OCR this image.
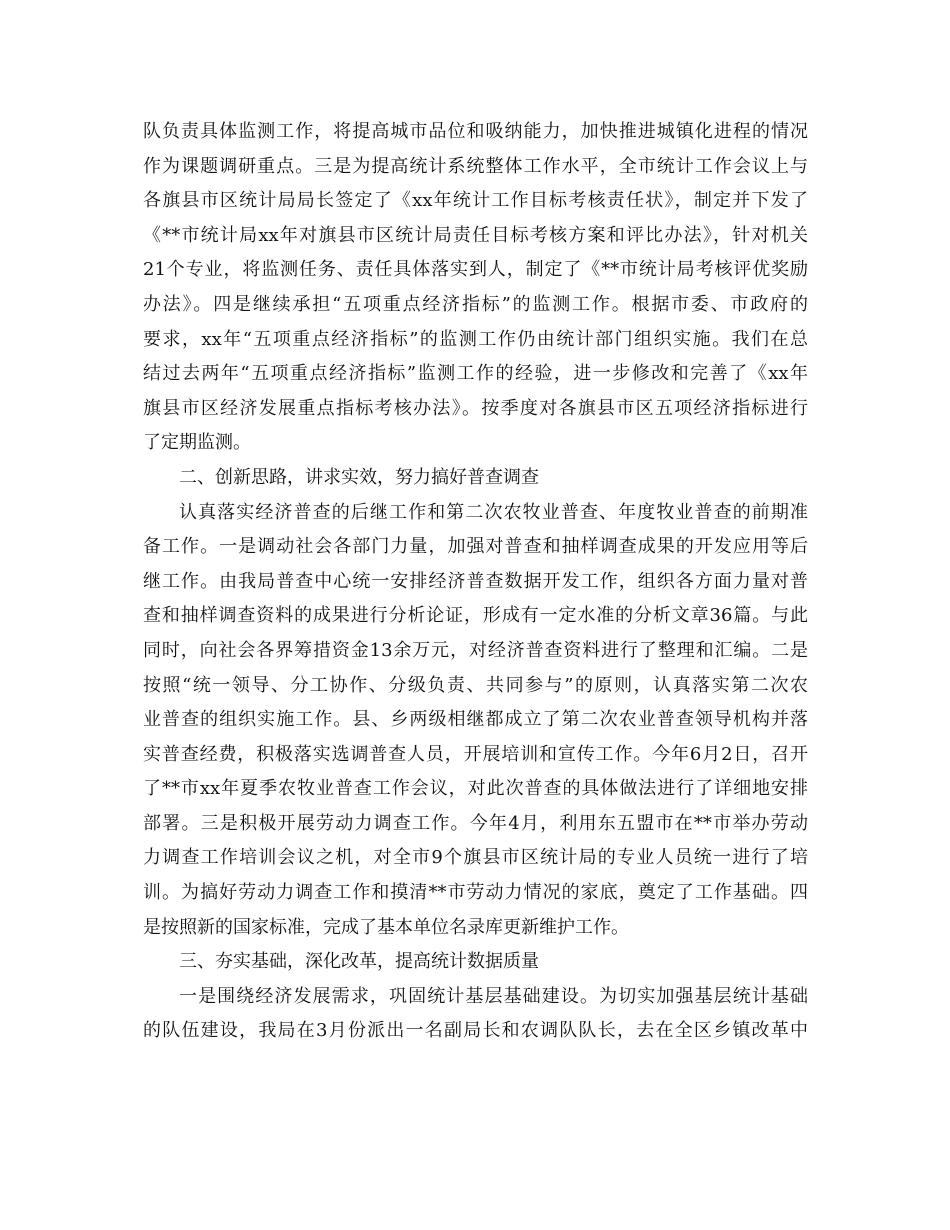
队负责具体监测工作，将提高城市品位和吸纳能力，加快推进城镇化进程的情况
作为课题调研重点。三是为提高统计系统整体工作水平，全市统计工作会议上与
各旗县市区统计局局长签定了《xx年统计工作目标考核责任状》，制定并下发了
《**市统计局xx年对旗县市区统计局责任目标考核方案和评比办法》，针对机关
21个专业，将监测任务、责任具体落实到人，制定了《**市统计局考核评优奖励
办法》。四是继续承担“五项重点经济指标”的监测工作。根据市委、市政府的
要求，xx年“五项重点经济指标”的监测工作仍由统计部门组织实施。我们在总
结过去两年“五项重点经济指标”监测工作的经验，进一步修改和完善了《xx年
旗县市区经济发展重点指标考核办法》。按季度对各旗县市区五项经济指标进行
了定期监测。
二、创新思路，讲求实效，努力搞好普查调查
认真落实经济普查的后继工作和第二次农牧业普查、年度牧业普查的前期准
备工作。一是调动社会各部门力量，加强对普查和抽样调查成果的开发应用等后
继工作。由我局普查中心统一安排经济普查数据开发工作，组织各方面力量对普
查和抽样调查资料的成果进行分析论证，形成有一定水准的分析文章36篇。与此
同时，向社会各界筹措资金13余万元，对经济普查资料进行了整理和汇编。二是
按照“统一领导、分工协作、分级负责、共同参与”的原则，认真落实第二次农
业普查的组织实施工作。县、乡两级相继都成立了第二次农业普查领导机构并落
实普查经费，积极落实选调普查人员，开展培训和宣传工作。今年6月2日，召开
了**市xx年夏季农牧业普查工作会议，对此次普查的具体做法进行了详细地安排
部署。三是积极开展劳动力调查工作。今年4月，利用东五盟市在**市举办劳动
力调查工作培训会议之机，对全市9个旗县市区统计局的专业人员统一进行了培
训。为搞好劳动力调查工作和摸清**市劳动力情况的家底，奠定了工作基础。四
是按照新的国家标准，完成了基本单位名录库更新维护工作。
三、夯实基础，深化改革，提高统计数据质量
一是围绕经济发展需求，巩固统计基层基础建设。为切实加强基层统计基础
的队伍建设，我局在3月份派出一名副局长和农调队队长，去在全区乡镇改革中
